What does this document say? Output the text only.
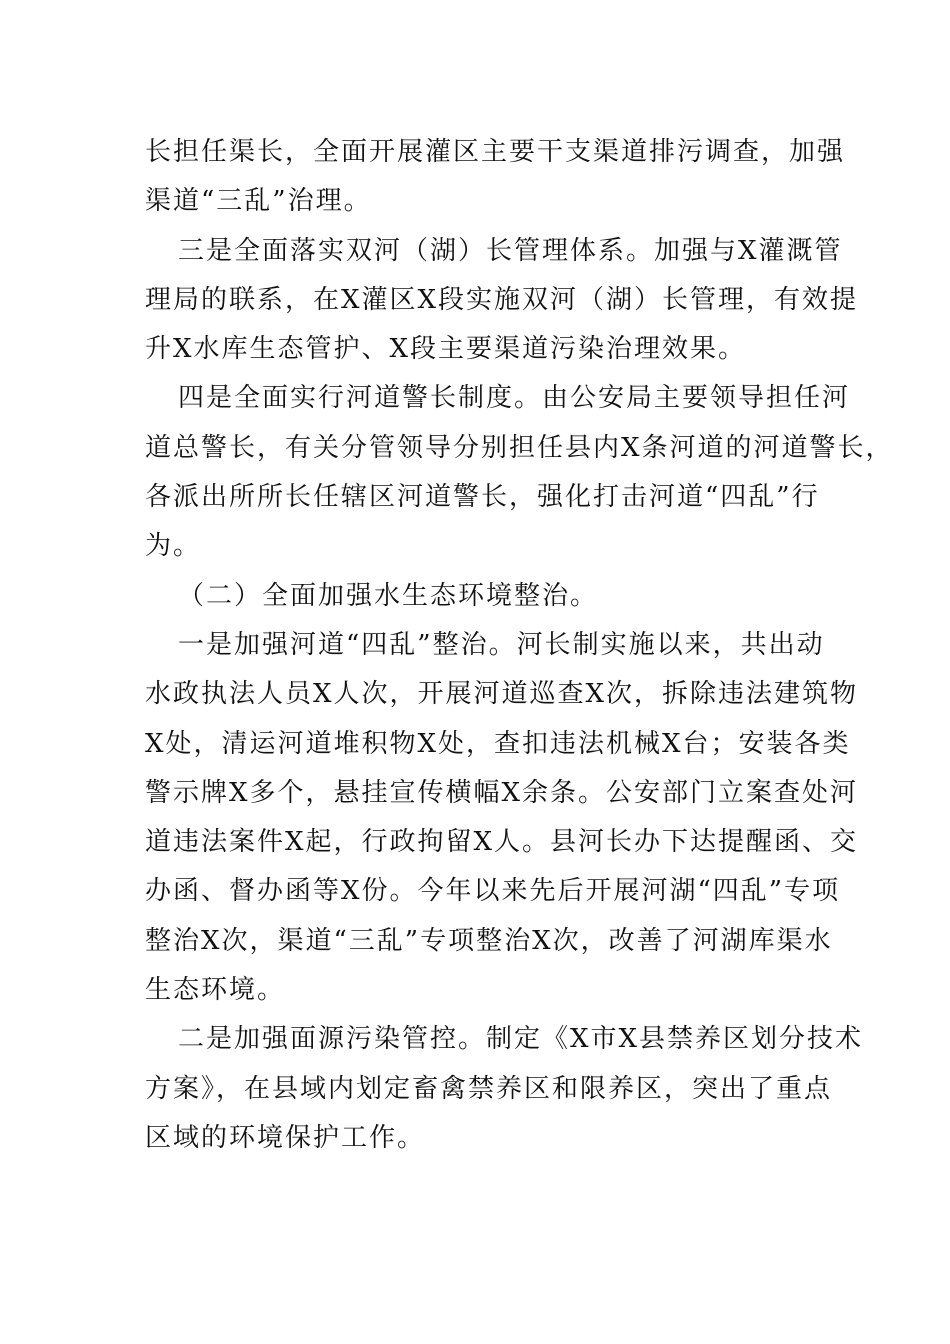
长担任渠长，全面开展灌区主要干支渠道排污调查，加强
渠道“三乱”治理。
三是全面落实双河（湖）长管理体系。加强与X灌溉管
理局的联系，在X灌区X段实施双河（湖）长管理，有效提
升X水库生态管护、X段主要渠道污染治理效果。
四是全面实行河道警长制度。由公安局主要领导担任河
道总警长，有关分管领导分别担任县内X条河道的河道警长，
各派出所所长任辖区河道警长，强化打击河道“四乱”行
为。
（二）全面加强水生态环境整治。
一是加强河道“四乱”整治。河长制实施以来，共出动
水政执法人员X人次，开展河道巡查X次，拆除违法建筑物
X处，清运河道堆积物X处，查扣违法机械X台；安装各类
警示牌X多个，悬挂宣传横幅X余条。公安部门立案查处河
道违法案件X起，行政拘留X人。县河长办下达提醒函、交
办函、督办函等X份。今年以来先后开展河湖“四乱”专项
整治X次，渠道“三乱”专项整治X次，改善了河湖库渠水
生态环境。
二是加强面源污染管控。制定《X市X县禁养区划分技术
方案》，在县域内划定畜禽禁养区和限养区，突出了重点
区域的环境保护工作。
